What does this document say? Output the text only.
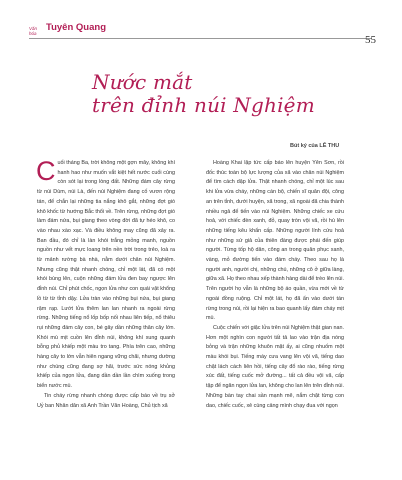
Văn hóa
Tuyên Quang
55
Nước mắt
trên đỉnh núi Nghiệm
Bút ký của LÊ THU

Cuối tháng Ba, trời không một gợn mây, không khí hanh hao như muốn vắt kiệt hết nước cuối cùng còn sót lại trong lòng đất. Những đám cây rừng từ núi Dùm, núi Là, đến núi Nghiệm đang cố vươn rộng tán, để chắn lại những tia nắng khô gắt, những đợt gió khô khốc từ hướng Bắc thổi về. Trên rừng, những đợt gió làm đám nứa, bụi giang theo vòng đời đã tự héo khô, co vào nhau xào xạc. Và điều không may cũng đã xảy ra. Ban đầu, đó chỉ là làn khói trắng mỏng manh, nguồn nguồn như vết mực loang trên nền trời trong trẻo, loà ra từ mảnh rường bà nhà, nằm dưới chân núi Nghiệm. Nhưng cũng thật nhanh chóng, chỉ một lát, đã có một khói bùng lên, cuộn những đám lửa đen bay ngược lên đỉnh núi. Chỉ phút chốc, ngọn lửa như con quái vật khổng lồ từ từ tỉnh dậy. Lửa tràn vào những bụi nứa, bụi giang rậm rạp. Lướt lửa thêm lan lan nhanh ra ngoài rừng rừng. Những tiếng nổ lốp bốp nối nhau liên tiếp, nổ thiêu rụi những đám cây con, bé gây dần những thân cây lớn. Khói mù mịt cuồn lên đỉnh núi, không khí xung quanh bỗng phủ khiếp một màu tro tang. Phía trên cao, những hàng cây to lớn vẫn hiên ngang vững chãi, nhưng dường như chúng cũng đang sợ hãi, trước sức nóng khủng khiếp của ngọn lửa, đang dần dần lần chìm xuống trong biển nước mù.

Tin cháy rừng nhanh chóng được cấp báo về trụ sở Uỷ ban Nhân dân xã Anh Trần Văn Hoàng, Chủ tịch xã

Hoàng Khai lập tức cấp báo lên huyện Yên Sơn, rồi đốc thúc toàn bộ lực lượng của xã vào chân núi Nghiệm để tìm cách dập lửa. Thật nhanh chóng, chỉ một lúc sau khi lửa vừa cháy, những cán bộ, chiến sĩ quân đội, công an trên tỉnh, dưới huyện, xã trong, xã ngoài đã chia thành nhiều ngả để tiến vào núi Nghiệm. Những chiếc xe cứu hoả, với chiếc đèn xanh, đỏ, quay tròn vội vã, rồi hú lên những tiếng kêu khẩn cấp. Những người lính cứu hoả như những sứ giả của thiên đàng được phái đến giúp người. Từng tốp hộ dân, công an trong quân phục xanh, vàng, mỏ đường tiến vào đám cháy. Theo sau họ là người anh, người chị, những chú, những cô ở giữa làng, giữa xã. Họ theo nhau xếp thành hàng dài để trèo lên núi. Trên người họ vẫn là những bộ áo quần, vừa mới về từ ngoài đồng ruộng. Chỉ một lát, họ đã ẩn vào dưới tán rừng trong núi, rồi lại hiện ra bao quanh lấy đám cháy mịt mù.

Cuộc chiến với giặc lửa trên núi Nghiệm thật gian nan. Hơn một nghìn con người tất tả lao vào trận địa nóng bỏng và trận những khuôn mặt ấy, ai cũng nhuốm một màu khói bụi. Tiếng máy cưa vang lên vội vã, tiếng dao chặt lách cách liên hồi, tiếng cây đổ rào rào, tiếng rừng xúc đất, tiếng cuốc mở đường... tất cả đều vội vã, cấp tập để ngăn ngọn lửa lan, không cho lan lên trên đỉnh núi. Những bàn tay chai sần mạnh mẽ, nắm chặt từng con dao, chiếc cuốc, xẻ cùng cảng mình chạy đua với ngọn
